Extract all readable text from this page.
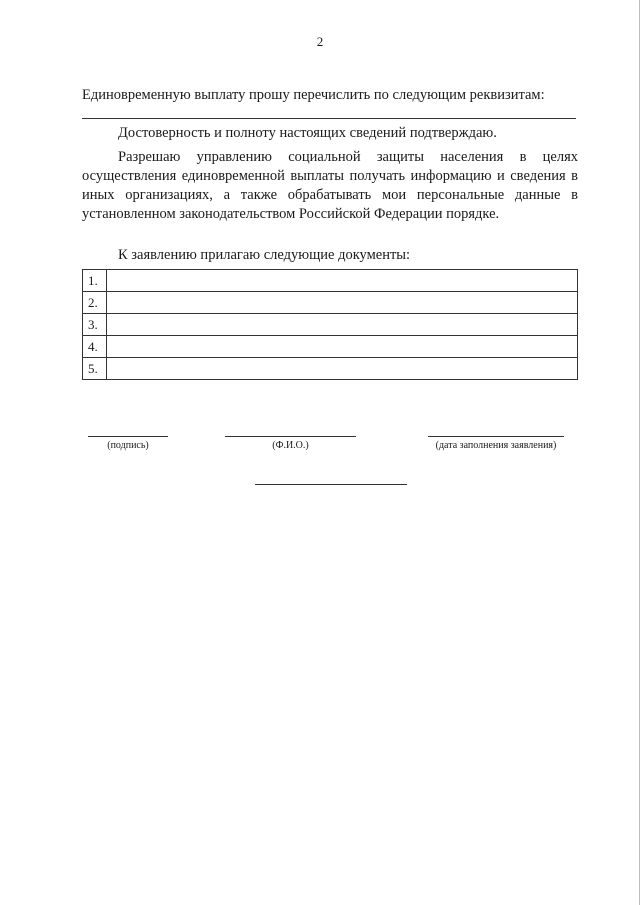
2
Единовременную выплату прошу перечислить по следующим реквизитам:
Достоверность и полноту настоящих сведений подтверждаю.

Разрешаю управлению социальной защиты населения в целях осуществления единовременной выплаты получать информацию и сведения в иных организациях, а также обрабатывать мои персональные данные в установленном законодательством Российской Федерации порядке.

К заявлению прилагаю следующие документы:
1.	
2.	
3.	
4.	
5.	
(подпись)	(Ф.И.О.)	(дата заполнения заявления)
